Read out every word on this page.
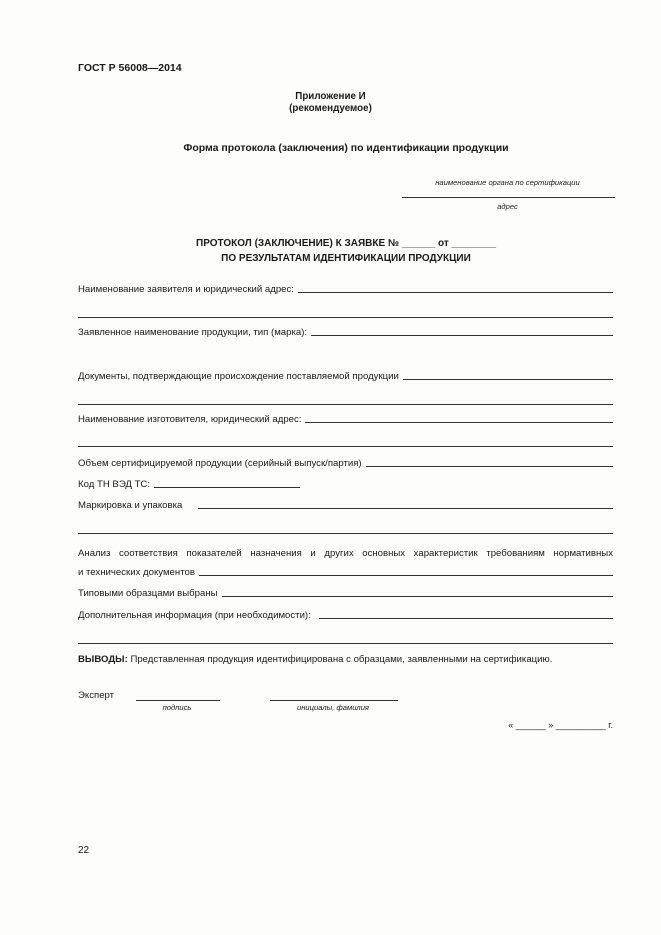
ГОСТ Р 56008—2014
Приложение И
(рекомендуемое)
Форма протокола (заключения) по идентификации продукции
наименование органа по сертификации
адрес
ПРОТОКОЛ (ЗАКЛЮЧЕНИЕ) К ЗАЯВКЕ № ______ от ________
ПО РЕЗУЛЬТАТАМ ИДЕНТИФИКАЦИИ ПРОДУКЦИИ
Наименование заявителя и юридический адрес:
Заявленное наименование продукции, тип (марка):
Документы, подтверждающие происхождение поставляемой продукции
Наименование изготовителя, юридический адрес:
Объем сертифицируемой продукции (серийный выпуск/партия)
Код ТН ВЭД ТС:
Маркировка и упаковка
Анализ соответствия показателей назначения и других основных характеристик требованиям нормативных
и технических документов
Типовыми образцами выбраны
Дополнительная информация (при необходимости):
ВЫВОДЫ: Представленная продукция идентифицирована с образцами, заявленными на сертификацию.
Эксперт
подпись	инициалы, фамилия
« ______ » __________ г.
22
